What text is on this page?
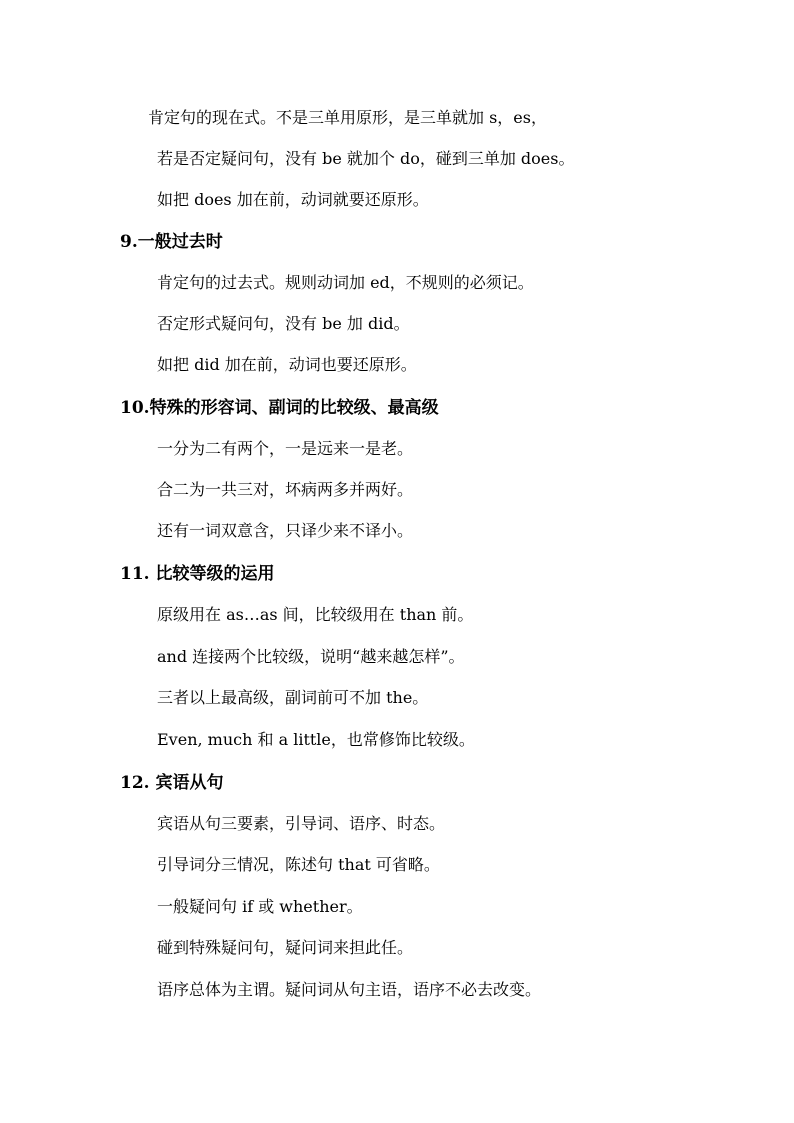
肯定句的现在式。不是三单用原形，是三单就加 s，es，

若是否定疑问句，没有 be 就加个 do，碰到三单加 does。

如把 does 加在前，动词就要还原形。

9.一般过去时

肯定句的过去式。规则动词加 ed，不规则的必须记。

否定形式疑问句，没有 be 加 did。

如把 did 加在前，动词也要还原形。

10.特殊的形容词、副词的比较级、最高级

一分为二有两个，一是远来一是老。

合二为一共三对，坏病两多并两好。

还有一词双意含，只译少来不译小。

11. 比较等级的运用

原级用在 as…as 间，比较级用在 than 前。

and 连接两个比较级，说明“越来越怎样”。

三者以上最高级，副词前可不加 the。

Even, much 和 a little，也常修饰比较级。

12. 宾语从句

宾语从句三要素，引导词、语序、时态。

引导词分三情况，陈述句 that 可省略。

一般疑问句 if 或 whether。

碰到特殊疑问句，疑问词来担此任。

语序总体为主谓。疑问词从句主语，语序不必去改变。
